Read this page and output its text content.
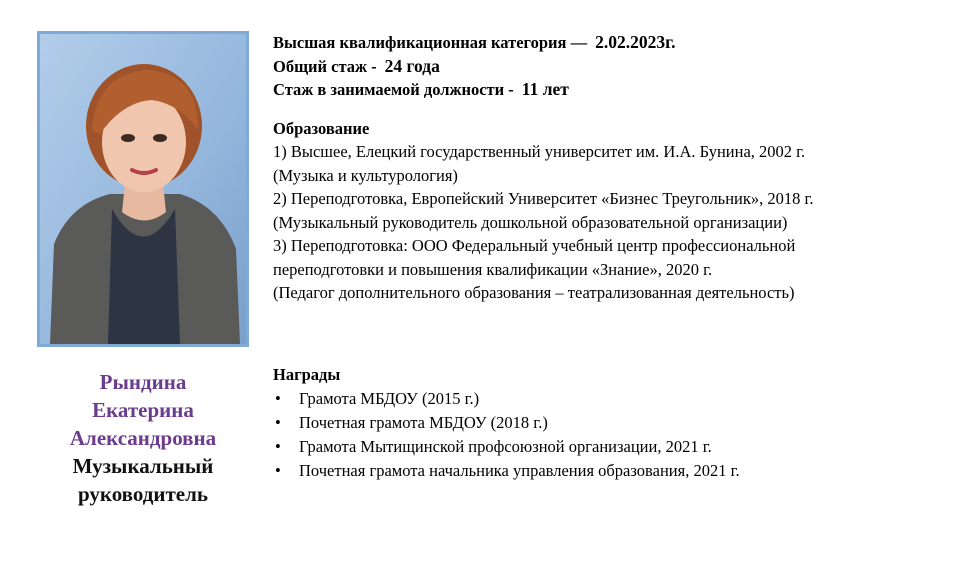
Рындина
Екатерина
Александровна
Музыкальный
руководитель
Высшая квалификационная категория — 2.02.2023г.
Общий стаж - 24 года
Стаж в занимаемой должности - 11 лет
Образование
1) Высшее, Елецкий государственный университет им. И.А. Бунина, 2002 г.
(Музыка и культурология)
2) Переподготовка, Европейский Университет «Бизнес Треугольник», 2018 г.
(Музыкальный руководитель дошкольной образовательной организации)
3) Переподготовка: ООО Федеральный учебный центр профессиональной
переподготовки и повышения квалификации «Знание», 2020 г.
(Педагог дополнительного образования – театрализованная деятельность)
Награды
• Грамота МБДОУ (2015 г.)
• Почетная грамота МБДОУ (2018 г.)
• Грамота Мытищинской профсоюзной организации, 2021 г.
• Почетная грамота начальника управления образования, 2021 г.
